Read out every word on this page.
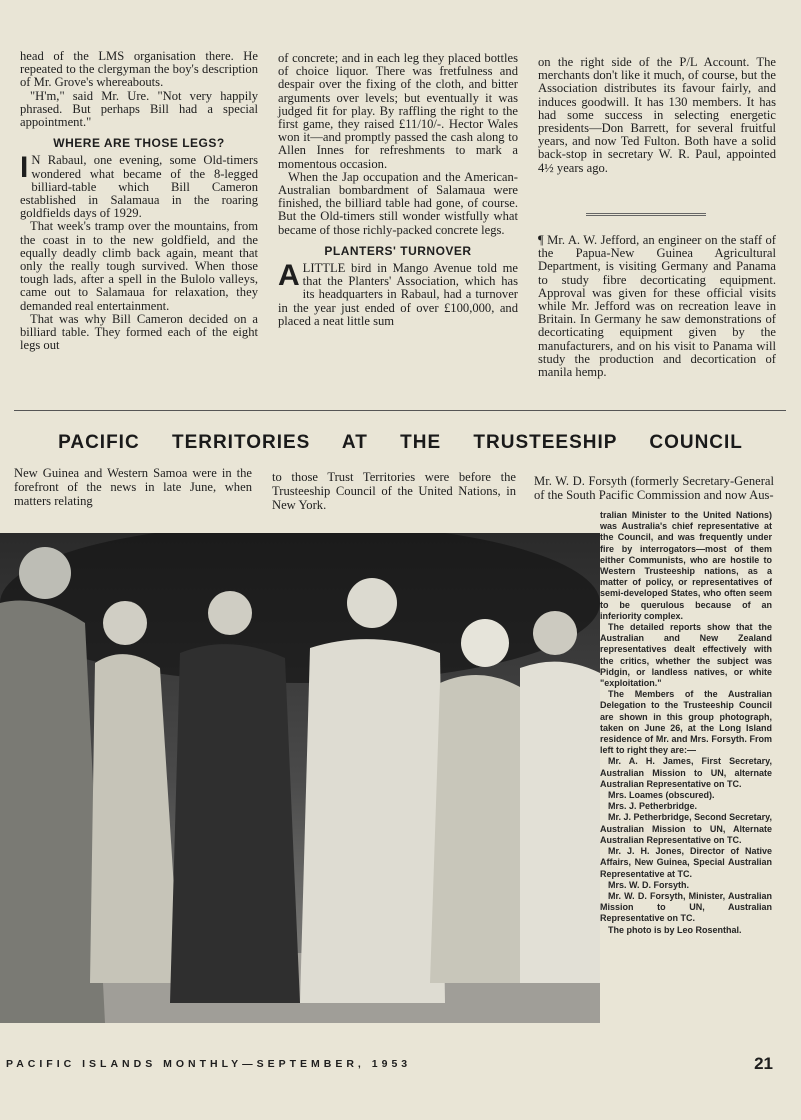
head of the LMS organisation there. He repeated to the clergyman the boy's description of Mr. Grove's whereabouts.

"H'm," said Mr. Ure. "Not very happily phrased. But perhaps Bill had a special appointment."

WHERE ARE THOSE LEGS?

I N Rabaul, one evening, some Old-timers wondered what became of the 8-legged billiard-table which Bill Cameron established in Salamaua in the roaring goldfields days of 1929.

That week's tramp over the mountains, from the coast in to the new goldfield, and the equally deadly climb back again, meant that only the really tough survived. When those tough lads, after a spell in the Bulolo valleys, came out to Salamaua for relaxation, they demanded real entertainment.

That was why Bill Cameron decided on a billiard table. They formed each of the eight legs out

of concrete; and in each leg they placed bottles of choice liquor. There was fretfulness and despair over the fixing of the cloth, and bitter arguments over levels; but eventually it was judged fit for play. By raffling the right to the first game, they raised £11/10/-. Hector Wales won it—and promptly passed the cash along to Allen Innes for refreshments to mark a momentous occasion.

When the Jap occupation and the American-Australian bombardment of Salamaua were finished, the billiard table had gone, of course. But the Old-timers still wonder wistfully what became of those richly-packed concrete legs.

PLANTERS' TURNOVER

ALITTLE bird in Mango Avenue told me that the Planters' Association, which has its headquarters in Rabaul, had a turnover in the year just ended of over £100,000, and placed a neat little sum

on the right side of the P/L Account. The merchants don't like it much, of course, but the Association distributes its favour fairly, and induces goodwill. It has 130 members. It has had some success in selecting energetic presidents—Don Barrett, for several fruitful years, and now Ted Fulton. Both have a solid back-stop in secretary W. R. Paul, appointed 4½ years ago.

¶ Mr. A. W. Jefford, an engineer on the staff of the Papua-New Guinea Agricultural Department, is visiting Germany and Panama to study fibre decorticating equipment. Approval was given for these official visits while Mr. Jefford was on recreation leave in Britain. In Germany he saw demonstrations of decorticating equipment given by the manufacturers, and on his visit to Panama will study the production and decortication of manila hemp.

PACIFIC TERRITORIES AT THE TRUSTEESHIP COUNCIL
New Guinea and Western Samoa were in the forefront of the news in late June, when matters relating
to those Trust Territories were before the Trusteeship Council of the United Nations, in New York.
Mr. W. D. Forsyth (formerly Secretary-General of the South Pacific Commission and now Aus-

tralian Minister to the United Nations) was Australia's chief representative at the Council, and was frequently under fire by interrogators—most of them either Communists, who are hostile to Western Trusteeship nations, as a matter of policy, or representatives of semi-developed States, who often seem to be querulous because of an inferiority complex.

The detailed reports show that the Australian and New Zealand representatives dealt effectively with the critics, whether the subject was Pidgin, or landless natives, or white "exploitation."

The Members of the Australian Delegation to the Trusteeship Council are shown in this group photograph, taken on June 26, at the Long Island residence of Mr. and Mrs. Forsyth. From left to right they are:—

Mr. A. H. James, First Secretary, Australian Mission to UN, alternate Australian Representative on TC.

Mrs. Loames (obscured).

Mrs. J. Petherbridge.

Mr. J. Petherbridge, Second Secretary, Australian Mission to UN, Alternate Australian Representative on TC.

Mr. J. H. Jones, Director of Native Affairs, New Guinea, Special Australian Representative at TC.

Mrs. W. D. Forsyth.

Mr. W. D. Forsyth, Minister, Australian Mission to UN, Australian Representative on TC.

The photo is by Leo Rosenthal.

PACIFIC ISLANDS MONTHLY—SEPTEMBER, 1953	21
